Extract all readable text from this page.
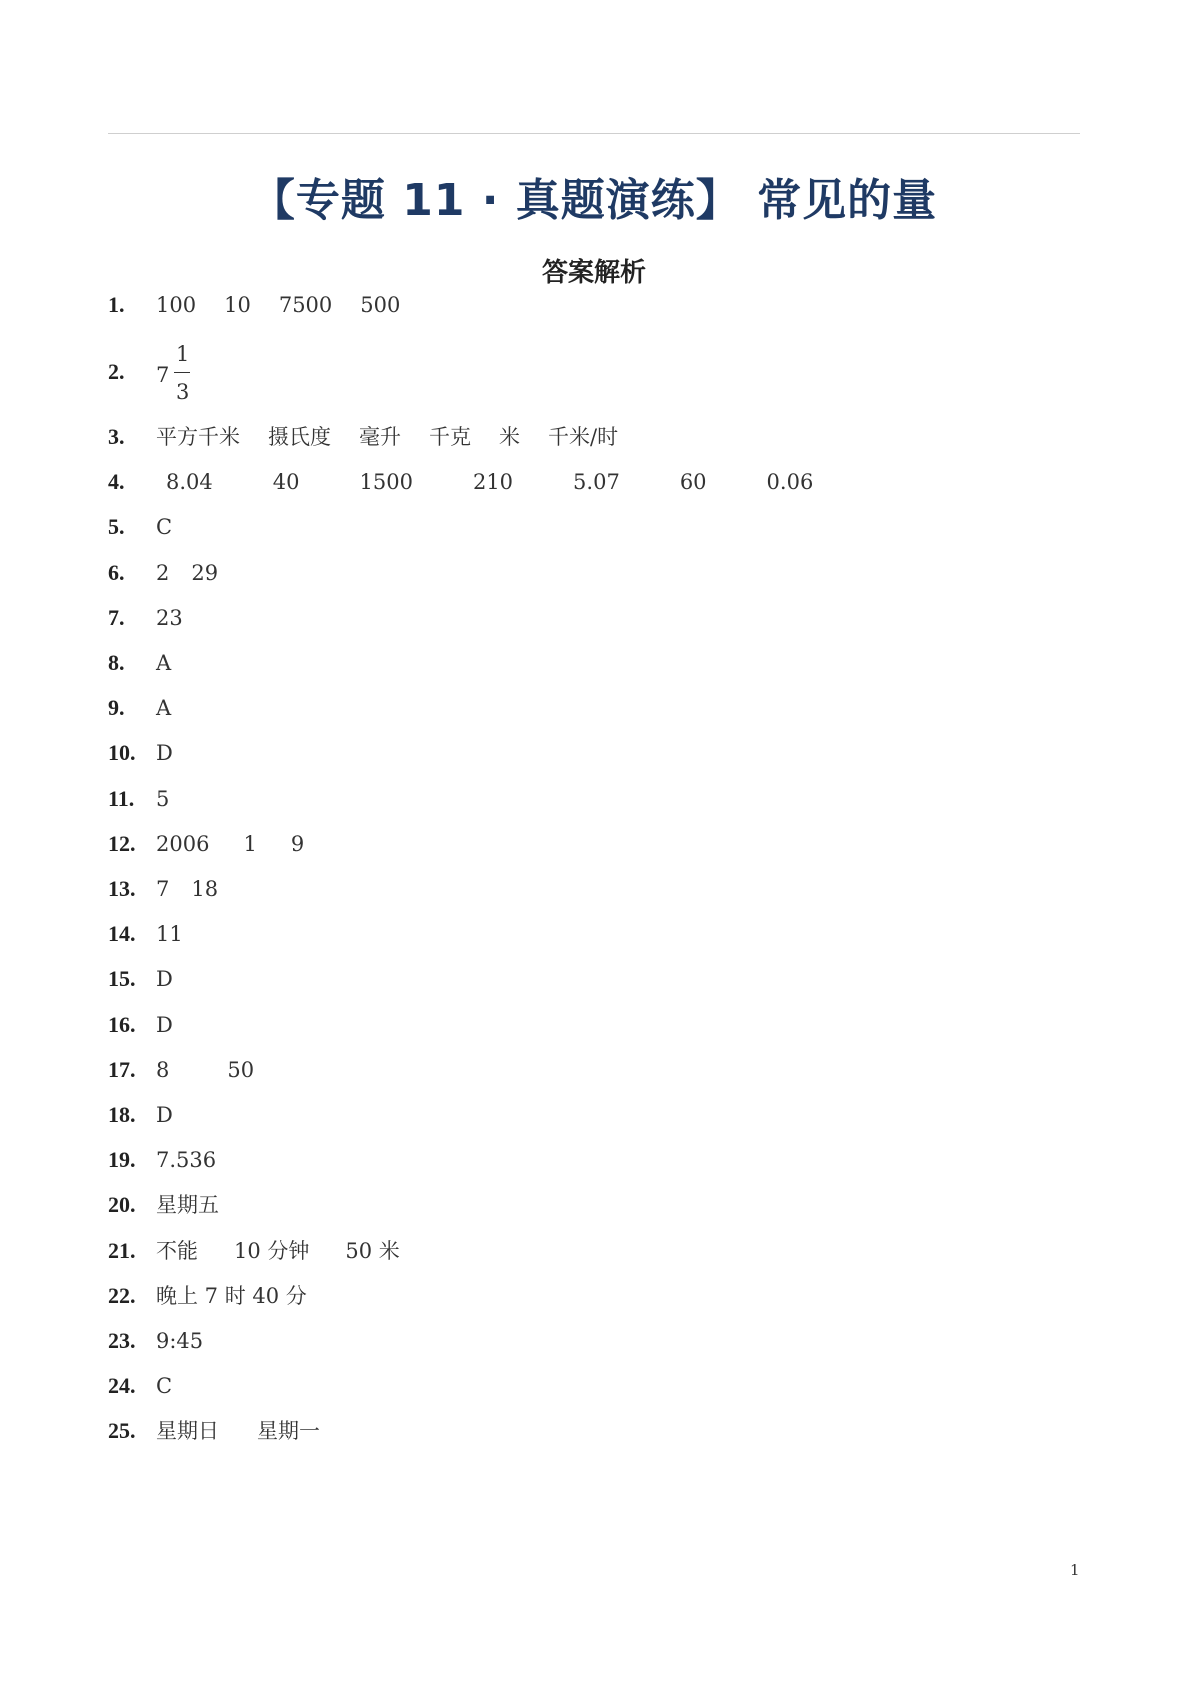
【专题 11 · 真题演练】 常见的量
答案解析
1. 100 10 7500 500
2. 7
1
3
3. 平方千米 摄氏度 毫升 千克 米 千米/时
4. 8.04	40	1500	210	5.07	60	0.06
5. C
6. 2 29
7. 23
8. A
9. A
10. D
11. 5
12. 2006 1 9
13. 7 18
14. 11
15. D
16. D
17. 8	50
18. D
19. 7.536
20. 星期五
21. 不能 10 分钟 50 米
22. 晚上 7 时 40 分
23. 9:45
24. C
25. 星期日 星期一
1
